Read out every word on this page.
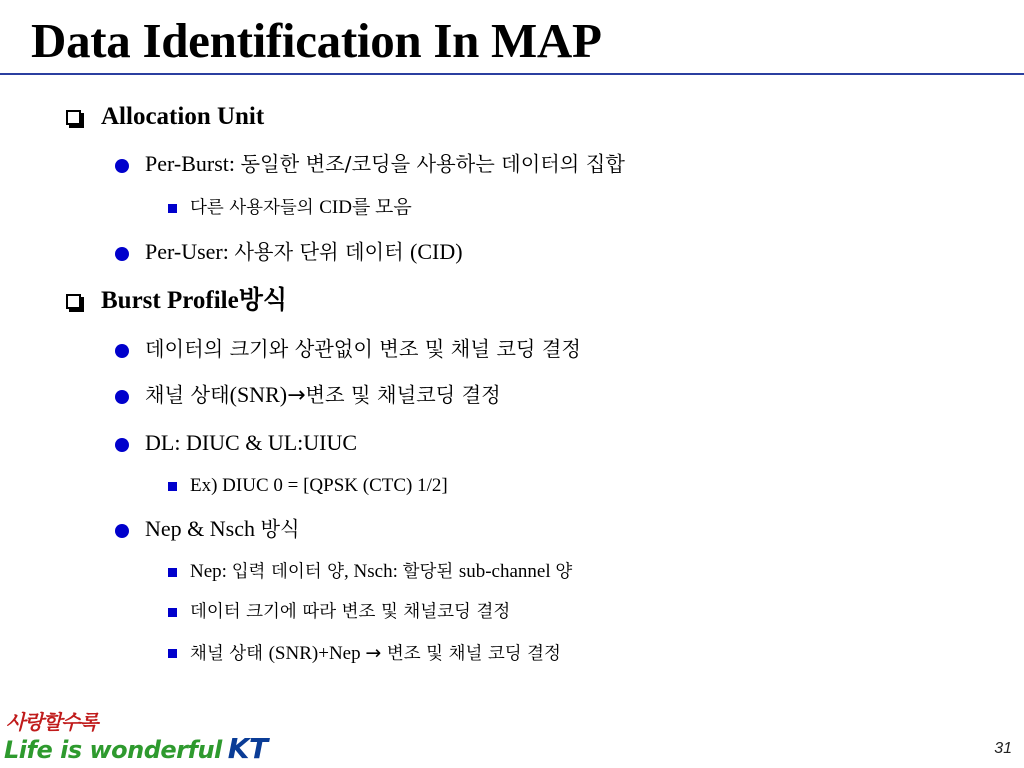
Data Identification In MAP
Allocation Unit
Per-Burst: 동일한 변조/코딩을 사용하는 데이터의 집합
다른 사용자들의 CID를 모음
Per-User: 사용자 단위 데이터 (CID)
Burst Profile방식
데이터의 크기와 상관없이 변조 및 채널 코딩 결정
채널 상태(SNR)→변조 및 채널코딩 결정
DL: DIUC & UL:UIUC
Ex) DIUC 0 = [QPSK (CTC) 1/2]
Nep & Nsch 방식
Nep: 입력 데이터 양, Nsch: 할당된 sub-channel 양
데이터 크기에 따라 변조 및 채널코딩 결정
채널 상태 (SNR)+Nep → 변조 및 채널 코딩 결정
사랑할수록
Life is wonderful KT	31
